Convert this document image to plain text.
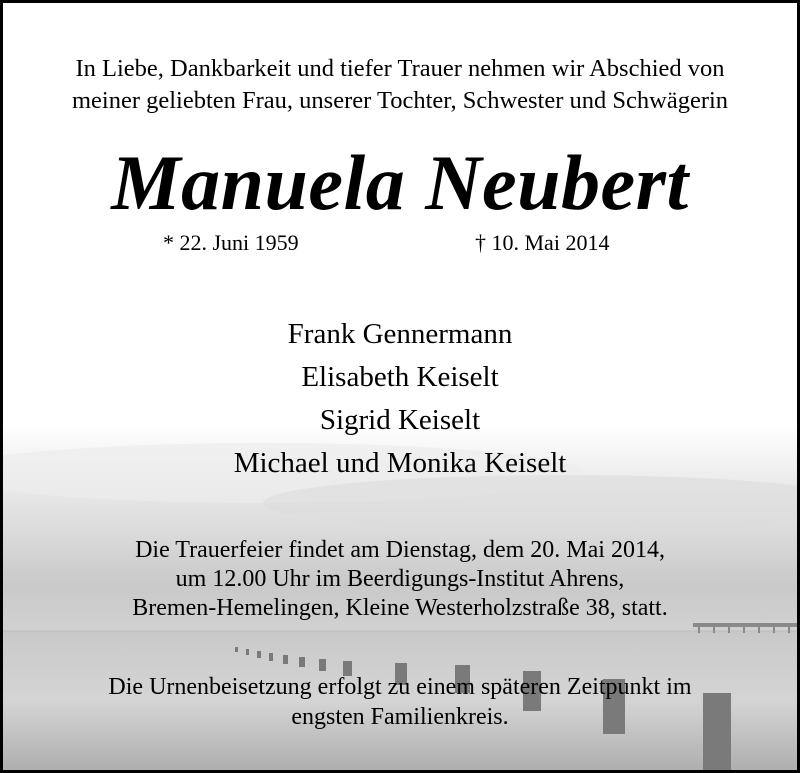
In Liebe, Dankbarkeit und tiefer Trauer nehmen wir Abschied von
meiner geliebten Frau, unserer Tochter, Schwester und Schwägerin
Manuela Neubert
* 22. Juni 1959	† 10. Mai 2014
Frank Gennermann
Elisabeth Keiselt
Sigrid Keiselt
Michael und Monika Keiselt
Die Trauerfeier findet am Dienstag, dem 20. Mai 2014,
um 12.00 Uhr im Beerdigungs-Institut Ahrens,
Bremen-Hemelingen, Kleine Westerholzstraße 38, statt.
Die Urnenbeisetzung erfolgt zu einem späteren Zeitpunkt im
engsten Familienkreis.
